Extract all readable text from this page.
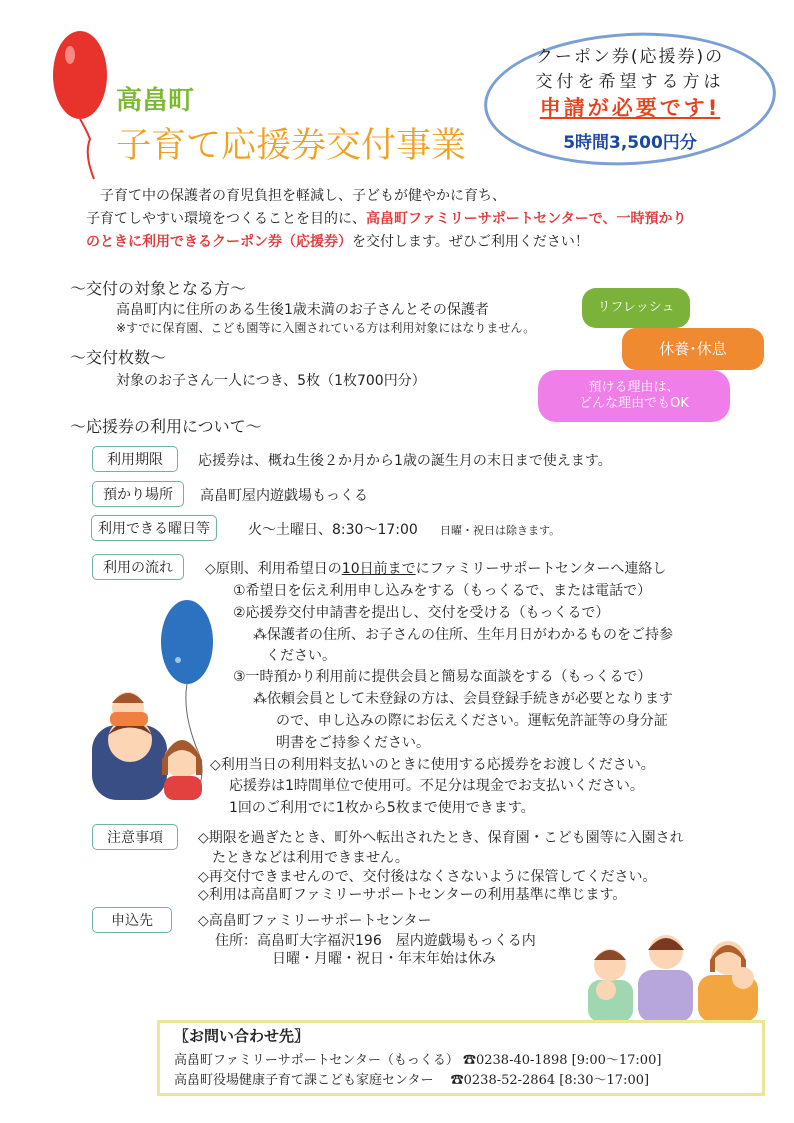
高畠町
子育て応援券交付事業
クーポン券(応援券)の
交付を希望する方は
申請が必要です!
5時間3,500円分
子育て中の保護者の育児負担を軽減し、子どもが健やかに育ち、
子育てしやすい環境をつくることを目的に、高畠町ファミリーサポートセンターで、一時預かり
のときに利用できるクーポン券（応援券）を交付します。ぜひご利用ください！
～交付の対象となる方～
高畠町内に住所のある生後1歳未満のお子さんとその保護者
※すでに保育園、こども園等に入園されている方は利用対象にはなりません。
～交付枚数～
対象のお子さん一人につき、5枚（1枚700円分）
リフレッシュ
休養･休息
預ける理由は、
どんな理由でもOK
～応援券の利用について～
利用期限	応援券は、概ね生後２か月から1歳の誕生月の末日まで使えます。
預かり場所	高畠町屋内遊戯場もっくる
利用できる曜日等	火～土曜日、8:30～17:00 日曜・祝日は除きます。
利用の流れ	◇原則、利用希望日の10日前までにファミリーサポートセンターへ連絡し
①希望日を伝え利用申し込みをする（もっくるで、または電話で）
②応援券交付申請書を提出し、交付を受ける（もっくるで）
⁂保護者の住所、お子さんの住所、生年月日がわかるものをご持参
ください。
③一時預かり利用前に提供会員と簡易な面談をする（もっくるで）
⁂依頼会員として未登録の方は、会員登録手続きが必要となります
ので、申し込みの際にお伝えください。運転免許証等の身分証
明書をご持参ください。
◇利用当日の利用料支払いのときに使用する応援券をお渡しください。
応援券は1時間単位で使用可。不足分は現金でお支払いください。
1回のご利用でに1枚から5枚まで使用できます。
注意事項	◇期限を過ぎたとき、町外へ転出されたとき、保育園・こども園等に入園され
たときなどは利用できません。
◇再交付できませんので、交付後はなくさないように保管してください。
◇利用は高畠町ファミリーサポートセンターの利用基準に準じます。
申込先	◇高畠町ファミリーサポートセンター
住所：高畠町大字福沢196　屋内遊戯場もっくる内
日曜・月曜・祝日・年末年始は休み
〖お問い合わせ先〗
高畠町ファミリーサポートセンター（もっくる） ☎0238-40-1898 [9:00～17:00]
高畠町役場健康子育て課こども家庭センター　 ☎0238-52-2864 [8:30～17:00]
